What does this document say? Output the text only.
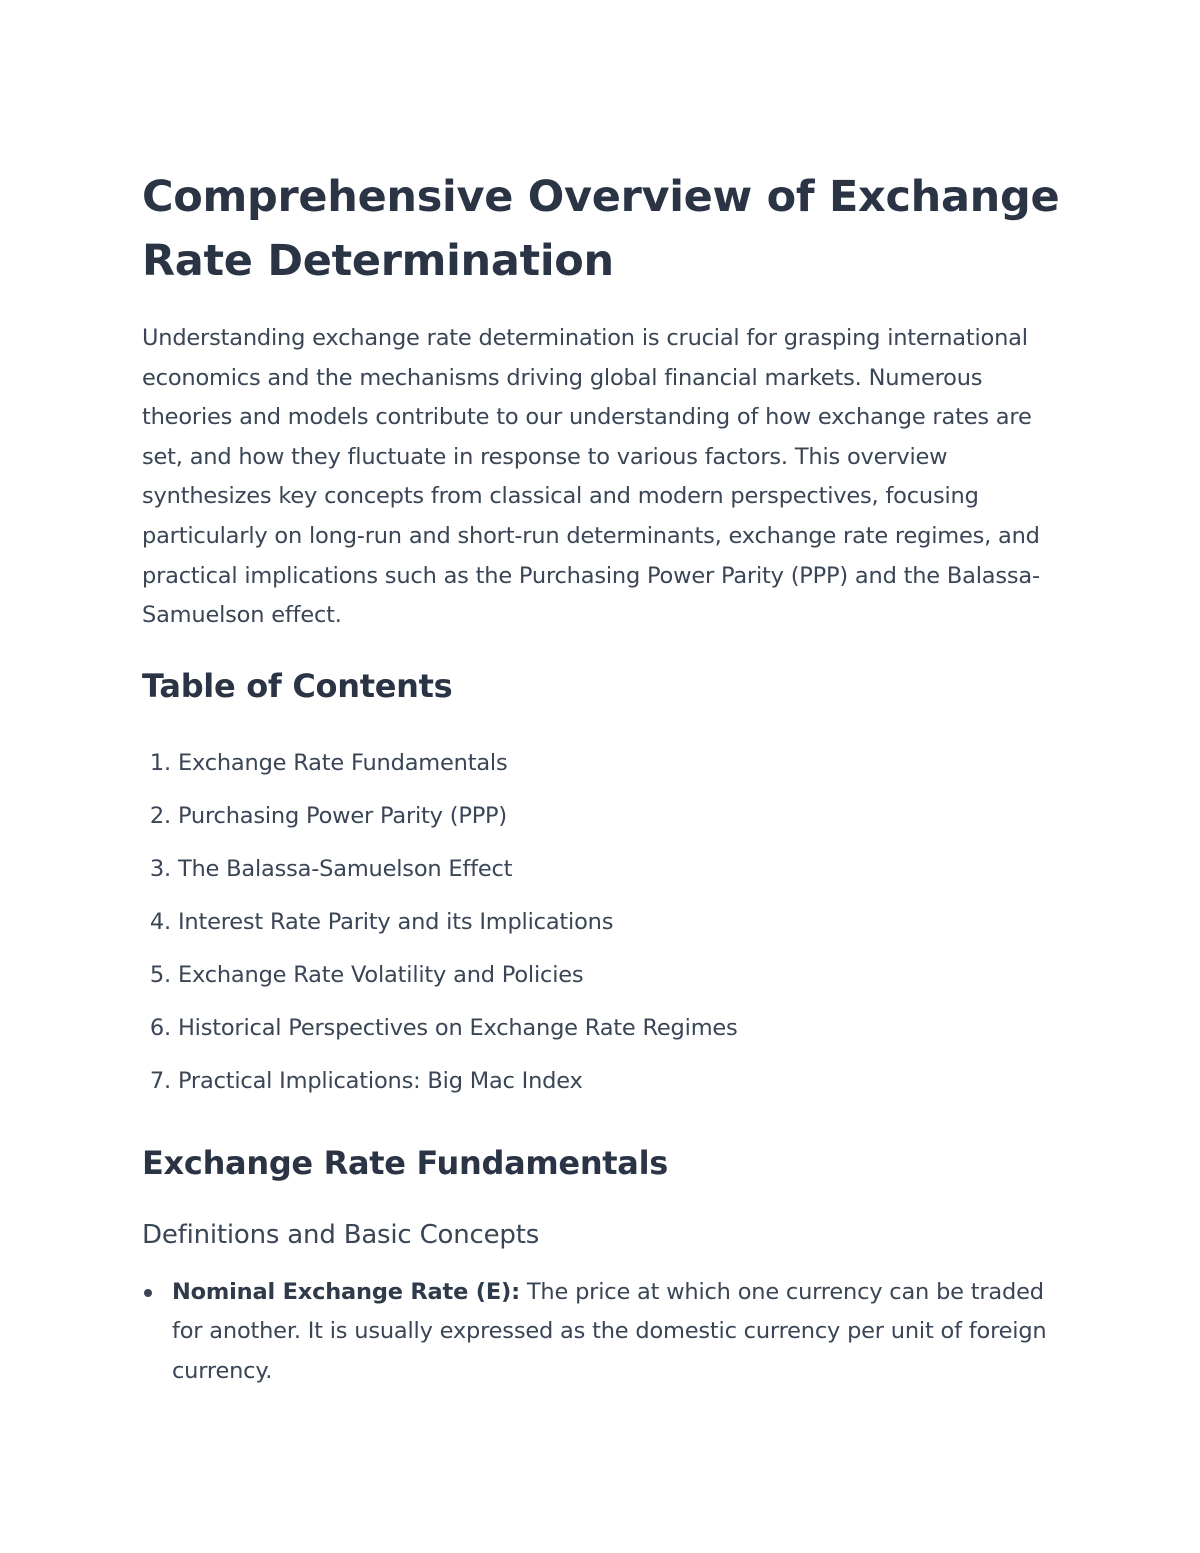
Comprehensive Overview of Exchange Rate Determination

Understanding exchange rate determination is crucial for grasping international economics and the mechanisms driving global financial markets. Numerous theories and models contribute to our understanding of how exchange rates are set, and how they fluctuate in response to various factors. This overview synthesizes key concepts from classical and modern perspectives, focusing particularly on long-run and short-run determinants, exchange rate regimes, and practical implications such as the Purchasing Power Parity (PPP) and the Balassa-Samuelson effect.

Table of Contents
1.
Exchange Rate Fundamentals
2.
Purchasing Power Parity (PPP)
3.
The Balassa-Samuelson Effect
4.
Interest Rate Parity and its Implications
5.
Exchange Rate Volatility and Policies
6.
Historical Perspectives on Exchange Rate Regimes
7.
Practical Implications: Big Mac Index
Exchange Rate Fundamentals
Definitions and Basic Concepts
Nominal Exchange Rate (E): The price at which one currency can be traded for another. It is usually expressed as the domestic currency per unit of foreign currency.
